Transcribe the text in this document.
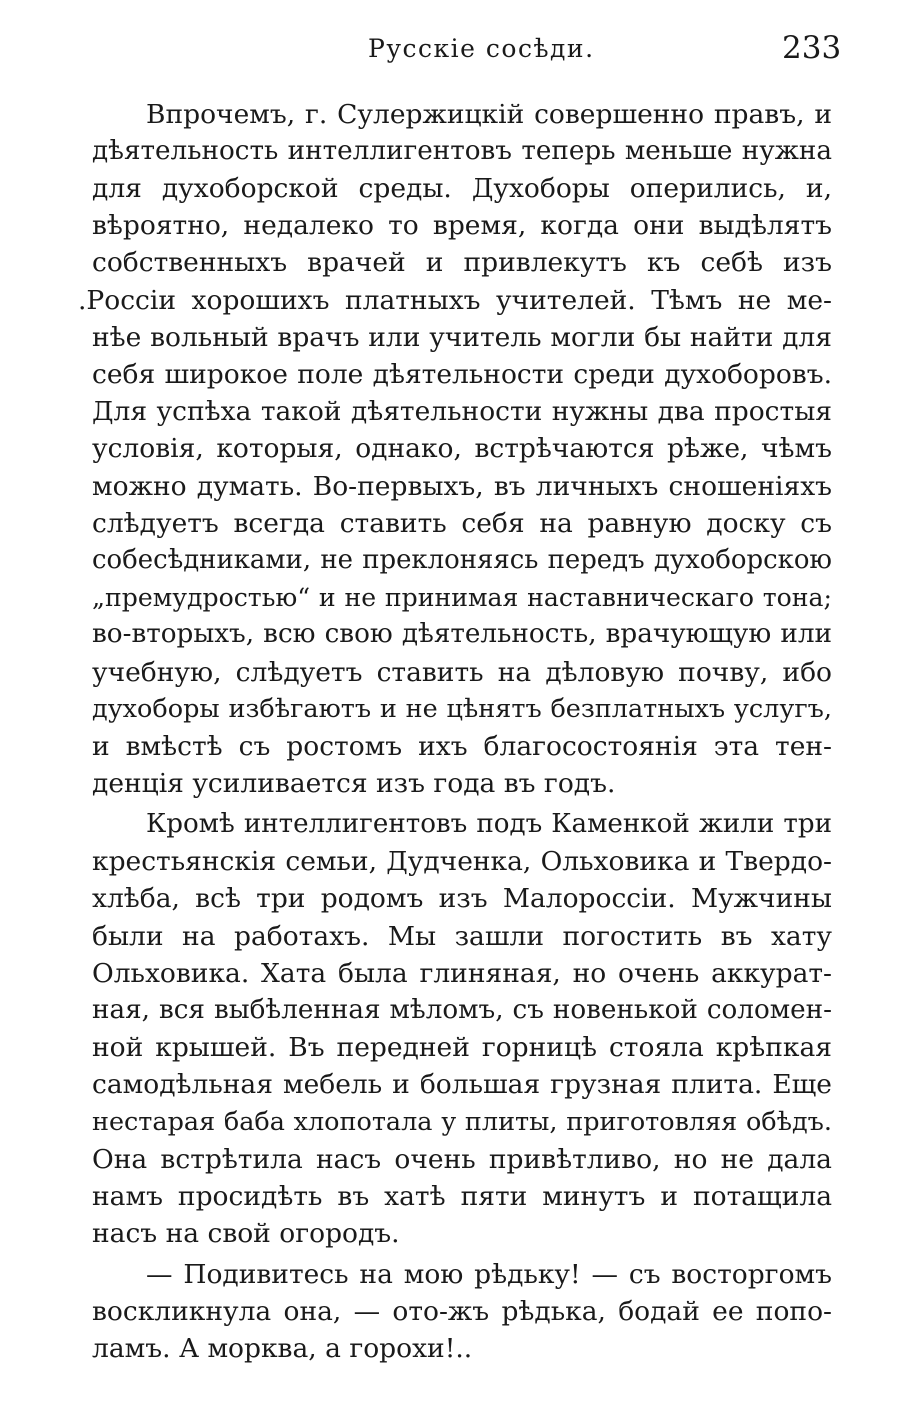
Русскіе сосѣди.	233
Впрочемъ, г. Сулержицкій совершенно правъ, и
дѣятельность интеллигентовъ теперь меньше нужна
для духоборской среды. Духоборы оперились, и,
вѣроятно, недалеко то время, когда они выдѣлятъ
собственныхъ врачей и привлекутъ къ себѣ изъ
.Россіи хорошихъ платныхъ учителей. Тѣмъ не ме-
нѣе вольный врачъ или учитель могли бы найти для
себя широкое поле дѣятельности среди духоборовъ.
Для успѣха такой дѣятельности нужны два простыя
условія, которыя, однако, встрѣчаются рѣже, чѣмъ
можно думать. Во-первыхъ, въ личныхъ сношеніяхъ
слѣдуетъ всегда ставить себя на равную доску съ
собесѣдниками, не преклоняясь передъ духоборскою
„премудростью“ и не принимая наставническаго тона;
во-вторыхъ, всю свою дѣятельность, врачующую или
учебную, слѣдуетъ ставить на дѣловую почву, ибо
духоборы избѣгаютъ и не цѣнятъ безплатныхъ услугъ,
и вмѣстѣ съ ростомъ ихъ благосостоянія эта тен-
денція усиливается изъ года въ годъ.
Кромѣ интеллигентовъ подъ Каменкой жили три
крестьянскія семьи, Дудченка, Ольховика и Твердо-
хлѣба, всѣ три родомъ изъ Малороссіи. Мужчины
были на работахъ. Мы зашли погостить въ хату
Ольховика. Хата была глиняная, но очень аккурат-
ная, вся выбѣленная мѣломъ, съ новенькой соломен-
ной крышей. Въ передней горницѣ стояла крѣпкая
самодѣльная мебель и большая грузная плита. Еще
нестарая баба хлопотала у плиты, приготовляя обѣдъ.
Она встрѣтила насъ очень привѣтливо, но не дала
намъ просидѣть въ хатѣ пяти минутъ и потащила
насъ на свой огородъ.
— Подивитесь на мою рѣдьку! — съ восторгомъ
воскликнула она, — ото-жъ рѣдька, бодай ее попо-
ламъ. А морква, а горохи!..
